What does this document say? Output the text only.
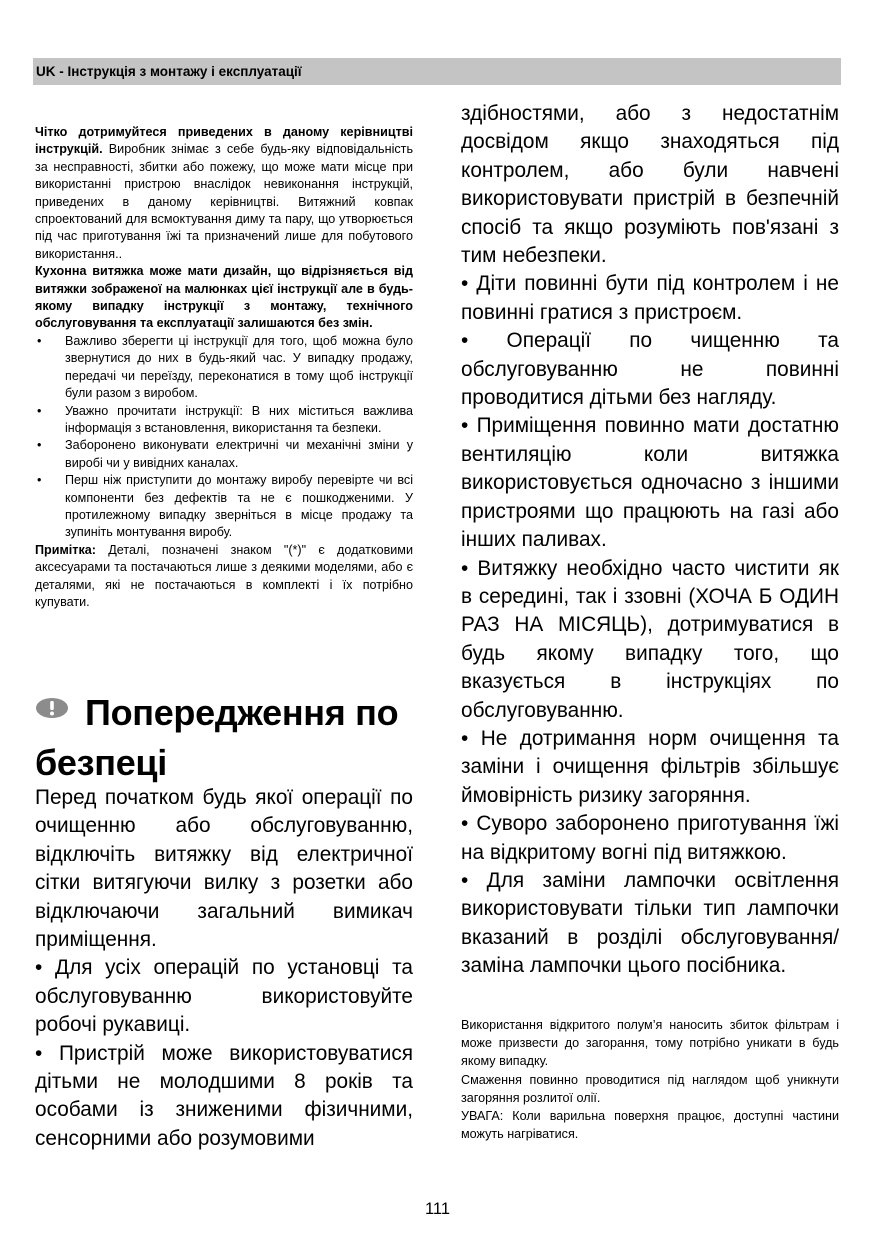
UK - Інструкція з монтажу і експлуатації

Чітко дотримуйтеся приведених в даному керівництві інструкцій. Виробник знімає з себе будь-яку відповідальність за несправності, збитки або пожежу, що може мати місце при використанні пристрою внаслідок невиконання інструкцій, приведених в даному керівництві. Витяжний ковпак спроектований для всмоктування диму та пару, що утворюється під час приготування їжі та призначений лише для побутового використання..

Кухонна витяжка може мати дизайн, що відрізняється від витяжки зображеної на малюнках цієї інструкції але в будь-якому випадку інструкції з монтажу, технічного обслуговування та експлуатації залишаются без змін.

• Важливо зберегти ці інструкції для того, щоб можна було звернутися до них в будь-який час. У випадку продажу, передачі чи переїзду, переконатися в тому щоб інструкції були разом з виробом.
• Уважно прочитати інструкції: В них міститься важлива інформація з встановлення, використання та безпеки.
• Заборонено виконувати електричні чи механічні зміни у виробі чи у вивідних каналах.
• Перш ніж приступити до монтажу виробу перевірте чи всі компоненти без дефектів та не є пошкодженими. У протилежному випадку зверніться в місце продажу та зупиніть монтування виробу.

Примітка: Деталі, позначені знаком "(*)" є додатковими аксесуарами та постачаються лише з деякими моделями, або є деталями, які не постачаються в комплекті і їх потрібно купувати.

Попередження по безпеці

Перед початком будь якої операції по очищенню або обслуговуванню, відключіть витяжку від електричної сітки витягуючи вилку з розетки або відключаючи загальний вимикач приміщення.

• Для усіх операцій по установці та обслуговуванню використовуйте робочі рукавиці.

• Пристрій може використовуватися дітьми не молодшими 8 років та особами із зниженими фізичними, сенсорними або розумовими

здібностями, або з недостатнім досвідом якщо знаходяться під контролем, або були навчені використовувати пристрій в безпечній спосіб та якщо розуміють пов'язані з тим небезпеки.

• Діти повинні бути під контролем і не повинні гратися з пристроєм.

• Операції по чищенню та обслуговуванню не повинні проводитися дітьми без нагляду.

• Приміщення повинно мати достатню вентиляцію коли витяжка використовується одночасно з іншими пристроями що працюють на газі або інших паливах.

• Витяжку необхідно часто чистити як в середині, так і ззовні (ХОЧА Б ОДИН РАЗ НА МІСЯЦЬ), дотримуватися в будь якому випадку того, що вказується в інструкціях по обслуговуванню.

• Не дотримання норм очищення та заміни і очищення фільтрів збільшує ймовірність ризику загоряння.

• Суворо заборонено приготування їжі на відкритому вогні під витяжкою.

• Для заміни лампочки освітлення використовувати тільки тип лампочки вказаний в розділі обслуговування/заміна лампочки цього посібника.

Використання відкритого полум’я наносить збиток фільтрам і може призвести до загорання, тому потрібно уникати в будь якому випадку.

Смаження повинно проводитися під наглядом щоб уникнути загоряння розлитої олії.

УВАГА: Коли варильна поверхня працює, доступні частини можуть нагріватися.

111
